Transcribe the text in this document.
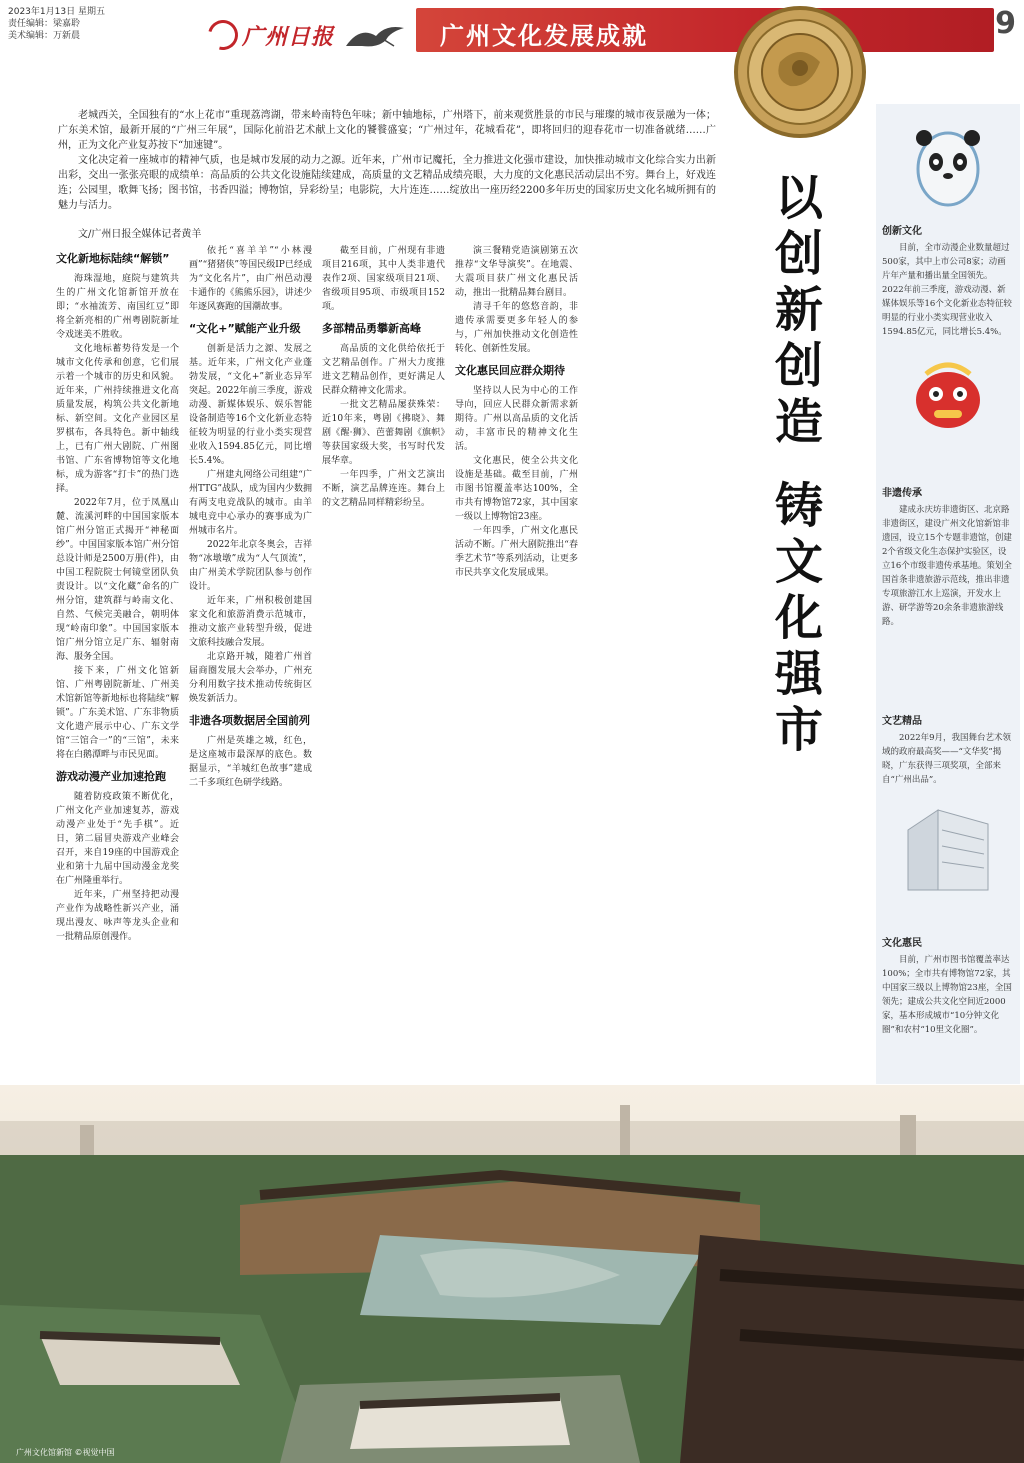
2023年1月13日 星期五
责任编辑：梁嘉聆
美术编辑：万新晨	广州日报	广州文化发展成就	9

老城西关，全国独有的“水上花市”重现荔湾湖，带来岭南特色年味；新中轴地标，广州塔下，前来观赏胜景的市民与璀璨的城市夜景融为一体；广东美术馆，最新开展的“广州三年展”，国际化前沿艺术献上文化的饕餮盛宴；“广州过年，花城看花”，即将回归的迎春花市一切准备就绪……广州，正为文化产业复苏按下“加速键”。

文化决定着一座城市的精神气质，也是城市发展的动力之源。近年来，广州市记魔托，全力推进文化强市建设，加快推动城市文化综合实力出新出彩，交出一张张亮眼的成绩单：高品质的公共文化设施陆续建成，高质量的文艺精品成绩亮眼，大力度的文化惠民活动层出不穷。舞台上，好戏连连；公园里，歌舞飞扬；图书馆，书香四溢；博物馆，异彩纷呈；电影院，大片连连……绽放出一座历经2200多年历史的国家历史文化名城所拥有的魅力与活力。

文/广州日报全媒体记者黄羊
文化新地标陆续“解锁”

海珠湿地，庭院与建筑共生的广州文化馆新馆开放在即；“水袖流芳、南国红豆”即将全新亮相的广州粤剧院新址令戏迷美不胜收。

文化地标蓄势待发是一个城市文化传承和创意，它们展示着一个城市的历史和风貌。近年来，广州持续推进文化高质量发展，构筑公共文化新地标、新空间。文化产业园区星罗棋布，各具特色。新中轴线上，已有广州大剧院、广州图书馆、广东省博物馆等文化地标，成为游客“打卡”的热门选择。

2022年7月，位于凤凰山麓、流溪河畔的中国国家版本馆广州分馆正式揭开“神秘面纱”。中国国家版本馆广州分馆总设计师是2500万册(件)，由中国工程院院士何镜堂团队负责设计。以“文化藏”命名的广州分馆，建筑群与岭南文化、自然、气候完美融合，朝明体现“岭南印象”。中国国家版本馆广州分馆立足广东、辐射南海、服务全国。

接下来，广州文化馆新馆、广州粤剧院新址、广州美术馆新馆等新地标也将陆续“解锁”。广东美术馆、广东非物质文化遗产展示中心、广东文学馆“三馆合一”的“三馆”，未来将在白鹅潭畔与市民见面。

游戏动漫产业加速抢跑

随着防疫政策不断优化，广州文化产业加速复苏，游戏动漫产业处于“先手棋”。近日，第二届冒央游戏产业峰会召开，来自19座的中国游戏企业和第十九届中国动漫金龙奖在广州隆重举行。

近年来，广州坚持把动漫产业作为战略性新兴产业，涌现出漫友、咏声等龙头企业和一批精品原创漫作。

依托“喜羊羊”“小林漫画”“猪猪侠”等国民级IP已经成为“文化名片”，由广州邑动漫卡通作的《熊熊乐园》，讲述少年逐风赛跑的国潮故事。

“文化+”赋能产业升级

创新是活力之源、发展之基。近年来，广州文化产业蓬勃发展，“文化+”新业态异军突起。2022年前三季度，游戏动漫、新媒体娱乐、娱乐智能设备制造等16个文化新业态特征较为明显的行业小类实现营业收入1594.85亿元，同比增长5.4%。

广州建丸网络公司组建“广州TTG”战队，成为国内少数拥有两支电竞战队的城市。由羊城电竞中心承办的赛事成为广州城市名片。

2022年北京冬奥会，吉祥物“冰墩墩”成为“人气顶流”，由广州美术学院团队参与创作设计。

近年来，广州积极创建国家文化和旅游消费示范城市，推动文旅产业转型升级，促进文旅科技融合发展。

北京路开城，随着广州首届商圈发展大会举办，广州充分利用数字技术推动传统街区焕发新活力。

非遗各项数据居全国前列

广州是英雄之城，红色，是这座城市最深厚的底色。数据显示，“羊城红色故事”建成二千多项红色研学线路。

截至目前，广州现有非遗项目216项，其中人类非遗代表作2项、国家级项目21项、省级项目95项、市级项目152项。

多部精品勇攀新高峰

高品质的文化供给依托于文艺精品创作。广州大力度推进文艺精品创作，更好满足人民群众精神文化需求。

一批文艺精品屡获殊荣：近10年来，粤剧《拂晓》、舞剧《醒·狮》、芭蕾舞剧《旗帜》等获国家级大奖，书写时代发展华章。

一年四季，广州文艺演出不断，演艺品牌连连。舞台上的文艺精品同样精彩纷呈。

演三餐精党造演剧第五次推荐“文华导演奖”。在地震、大震项目获广州文化惠民活动，推出一批精品舞台剧目。

清寻千年的悠悠音韵，非遗传承需要更多年轻人的参与，广州加快推动文化创造性转化、创新性发展。

文化惠民回应群众期待

坚持以人民为中心的工作导向，回应人民群众新需求新期待。广州以高品质的文化活动，丰富市民的精神文化生活。

文化惠民，使全公共文化设施是基础。截至目前，广州市图书馆覆盖率达100%，全市共有博物馆72家，其中国家一级以上博物馆23座。

一年四季，广州文化惠民活动不断。广州大剧院推出“春季艺术节”等系列活动，让更多市民共享文化发展成果。

以
创
新
创
造
铸
文
化
强
市
创新文化
目前，全市动漫企业数量超过500家，其中上市公司8家；动画片年产量和播出量全国领先。2022年前三季度，游戏动漫、新媒体娱乐等16个文化新业态特征较明显的行业小类实现营业收入1594.85亿元，同比增长5.4%。
非遗传承
建成永庆坊非遗街区、北京路非遗街区，建设广州文化馆新馆非遗园，设立15个专题非遗馆，创建2个省级文化生态保护实验区，设立16个市级非遗传承基地。策划全国首条非遗旅游示范线，推出非遗专项旅游江水上巡演，开发水上游、研学游等20余条非遗旅游线路。
文艺精品
2022年9月，我国舞台艺术领域的政府最高奖——“文华奖”揭晓，广东获得三项奖项，全部来自“广州出品”。
文化惠民
目前，广州市图书馆覆盖率达100%；全市共有博物馆72家，其中国家三级以上博物馆23座，全国领先；建成公共文化空间近2000家，基本形成城市“10分钟文化圈”和农村“10里文化圈”。
广州文化馆新馆 ©视觉中国
